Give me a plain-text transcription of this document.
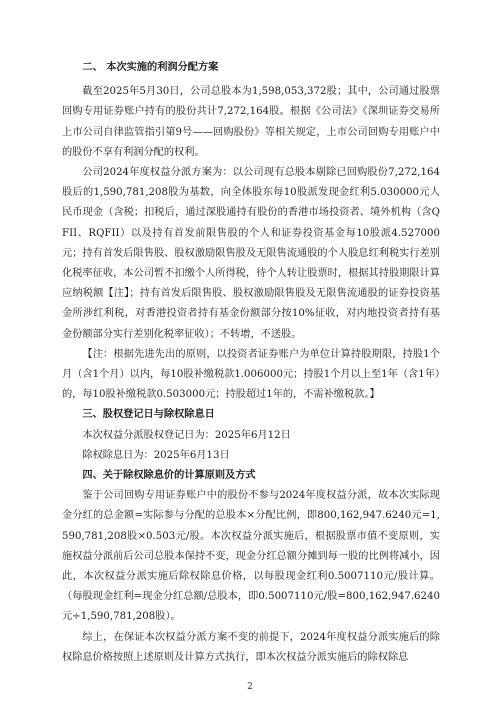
二、 本次实施的利润分配方案

截至2025年5月30日，公司总股本为1,598,053,372股；其中，公司通过股票回购专用证券账户持有的股份共计7,272,164股。根据《公司法》《深圳证券交易所上市公司自律监管指引第9号——回购股份》等相关规定，上市公司回购专用账户中的股份不享有利润分配的权利。

公司2024年度权益分派方案为：以公司现有总股本剔除已回购股份7,272,164股后的1,590,781,208股为基数，向全体股东每10股派发现金红利5.030000元人民币现金（含税；扣税后，通过深股通持有股份的香港市场投资者、境外机构（含QFII、RQFII）以及持有首发前限售股的个人和证券投资基金每10股派4.527000元；持有首发后限售股、股权激励限售股及无限售流通股的个人股息红利税实行差别化税率征收，本公司暂不扣缴个人所得税，待个人转让股票时，根据其持股期限计算应纳税额【注】；持有首发后限售股、股权激励限售股及无限售流通股的证券投资基金所涉红利税，对香港投资者持有基金份额部分按10%征收，对内地投资者持有基金份额部分实行差别化税率征收）；不转增，不送股。

【注：根据先进先出的原则，以投资者证券账户为单位计算持股期限，持股1个月（含1个月）以内，每10股补缴税款1.006000元；持股1个月以上至1年（含1年）的，每10股补缴税款0.503000元；持股超过1年的，不需补缴税款。】

三、股权登记日与除权除息日

本次权益分派股权登记日为：2025年6月12日

除权除息日为：2025年6月13日

四、关于除权除息价的计算原则及方式

鉴于公司回购专用证券账户中的股份不参与2024年度权益分派，故本次实际现金分红的总金额=实际参与分配的总股本×分配比例，即800,162,947.6240元=1,590,781,208股×0.503元/股。本次权益分派实施后，根据股票市值不变原则，实施权益分派前后公司总股本保持不变，现金分红总额分摊到每一股的比例将减小，因此，本次权益分派实施后除权除息价格，以每股现金红利0.5007110元/股计算。（每股现金红利=现金分红总额/总股本，即0.5007110元/股=800,162,947.6240元÷1,590,781,208股）。

综上，在保证本次权益分派方案不变的前提下，2024年度权益分派实施后的除权除息价格按照上述原则及计算方式执行，即本次权益分派实施后的除权除息

2
